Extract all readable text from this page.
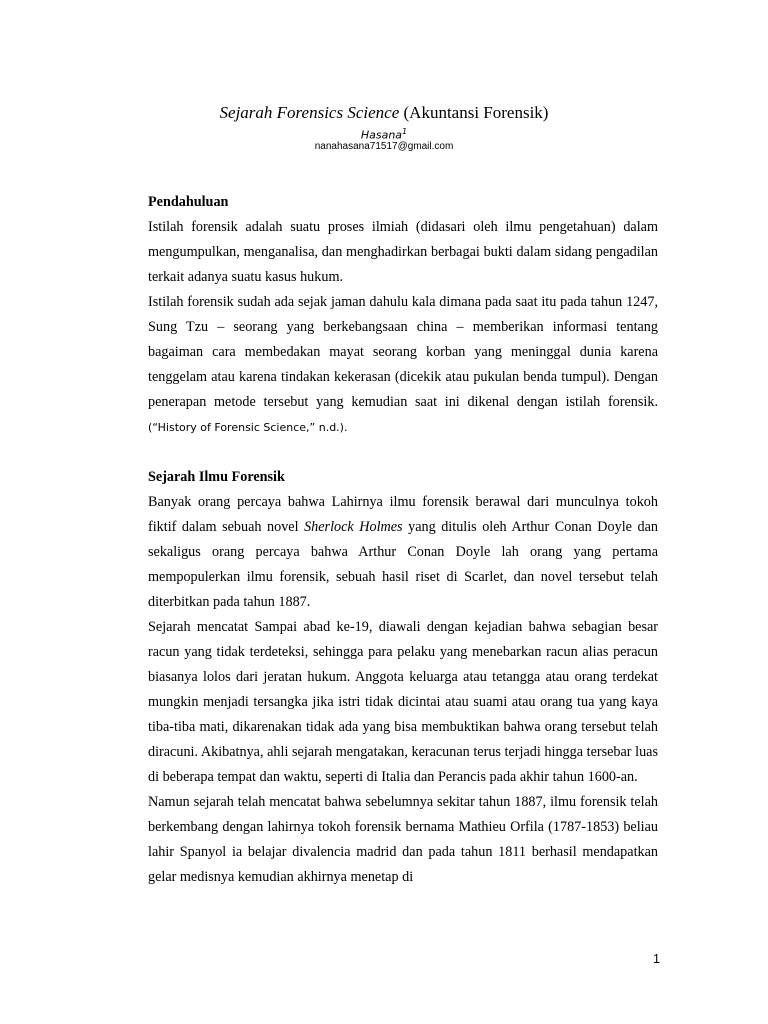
Sejarah Forensics Science (Akuntansi Forensik)
Hasana$^1$
nanahasana71517@gmail.com

Pendahuluan

Istilah forensik adalah suatu proses ilmiah (didasari oleh ilmu pengetahuan) dalam mengumpulkan, menganalisa, dan menghadirkan berbagai bukti dalam sidang pengadilan terkait adanya suatu kasus hukum.

Istilah forensik sudah ada sejak jaman dahulu kala dimana pada saat itu pada tahun 1247, Sung Tzu – seorang yang berkebangsaan china – memberikan informasi tentang bagaiman cara membedakan mayat seorang korban yang meninggal dunia karena tenggelam atau karena tindakan kekerasan (dicekik atau pukulan benda tumpul). Dengan penerapan metode tersebut yang kemudian saat ini dikenal dengan istilah forensik. (“History of Forensic Science,” n.d.).

Sejarah Ilmu Forensik

Banyak orang percaya bahwa Lahirnya ilmu forensik berawal dari munculnya tokoh fiktif dalam sebuah novel Sherlock Holmes yang ditulis oleh Arthur Conan Doyle dan sekaligus orang percaya bahwa Arthur Conan Doyle lah orang yang pertama mempopulerkan ilmu forensik, sebuah hasil riset di Scarlet, dan novel tersebut telah diterbitkan pada tahun 1887.

Sejarah mencatat Sampai abad ke-19, diawali dengan kejadian bahwa sebagian besar racun yang tidak terdeteksi, sehingga para pelaku yang menebarkan racun alias peracun biasanya lolos dari jeratan hukum. Anggota keluarga atau tetangga atau orang terdekat mungkin menjadi tersangka jika istri tidak dicintai atau suami atau orang tua yang kaya tiba-tiba mati, dikarenakan tidak ada yang bisa membuktikan bahwa orang tersebut telah diracuni. Akibatnya, ahli sejarah mengatakan, keracunan terus terjadi hingga tersebar luas di beberapa tempat dan waktu, seperti di Italia dan Perancis pada akhir tahun 1600-an.

Namun sejarah telah mencatat bahwa sebelumnya sekitar tahun 1887, ilmu forensik telah berkembang dengan lahirnya tokoh forensik bernama Mathieu Orfila (1787-1853) beliau lahir Spanyol ia belajar divalencia madrid dan pada tahun 1811 berhasil mendapatkan gelar medisnya kemudian akhirnya menetap di

1
